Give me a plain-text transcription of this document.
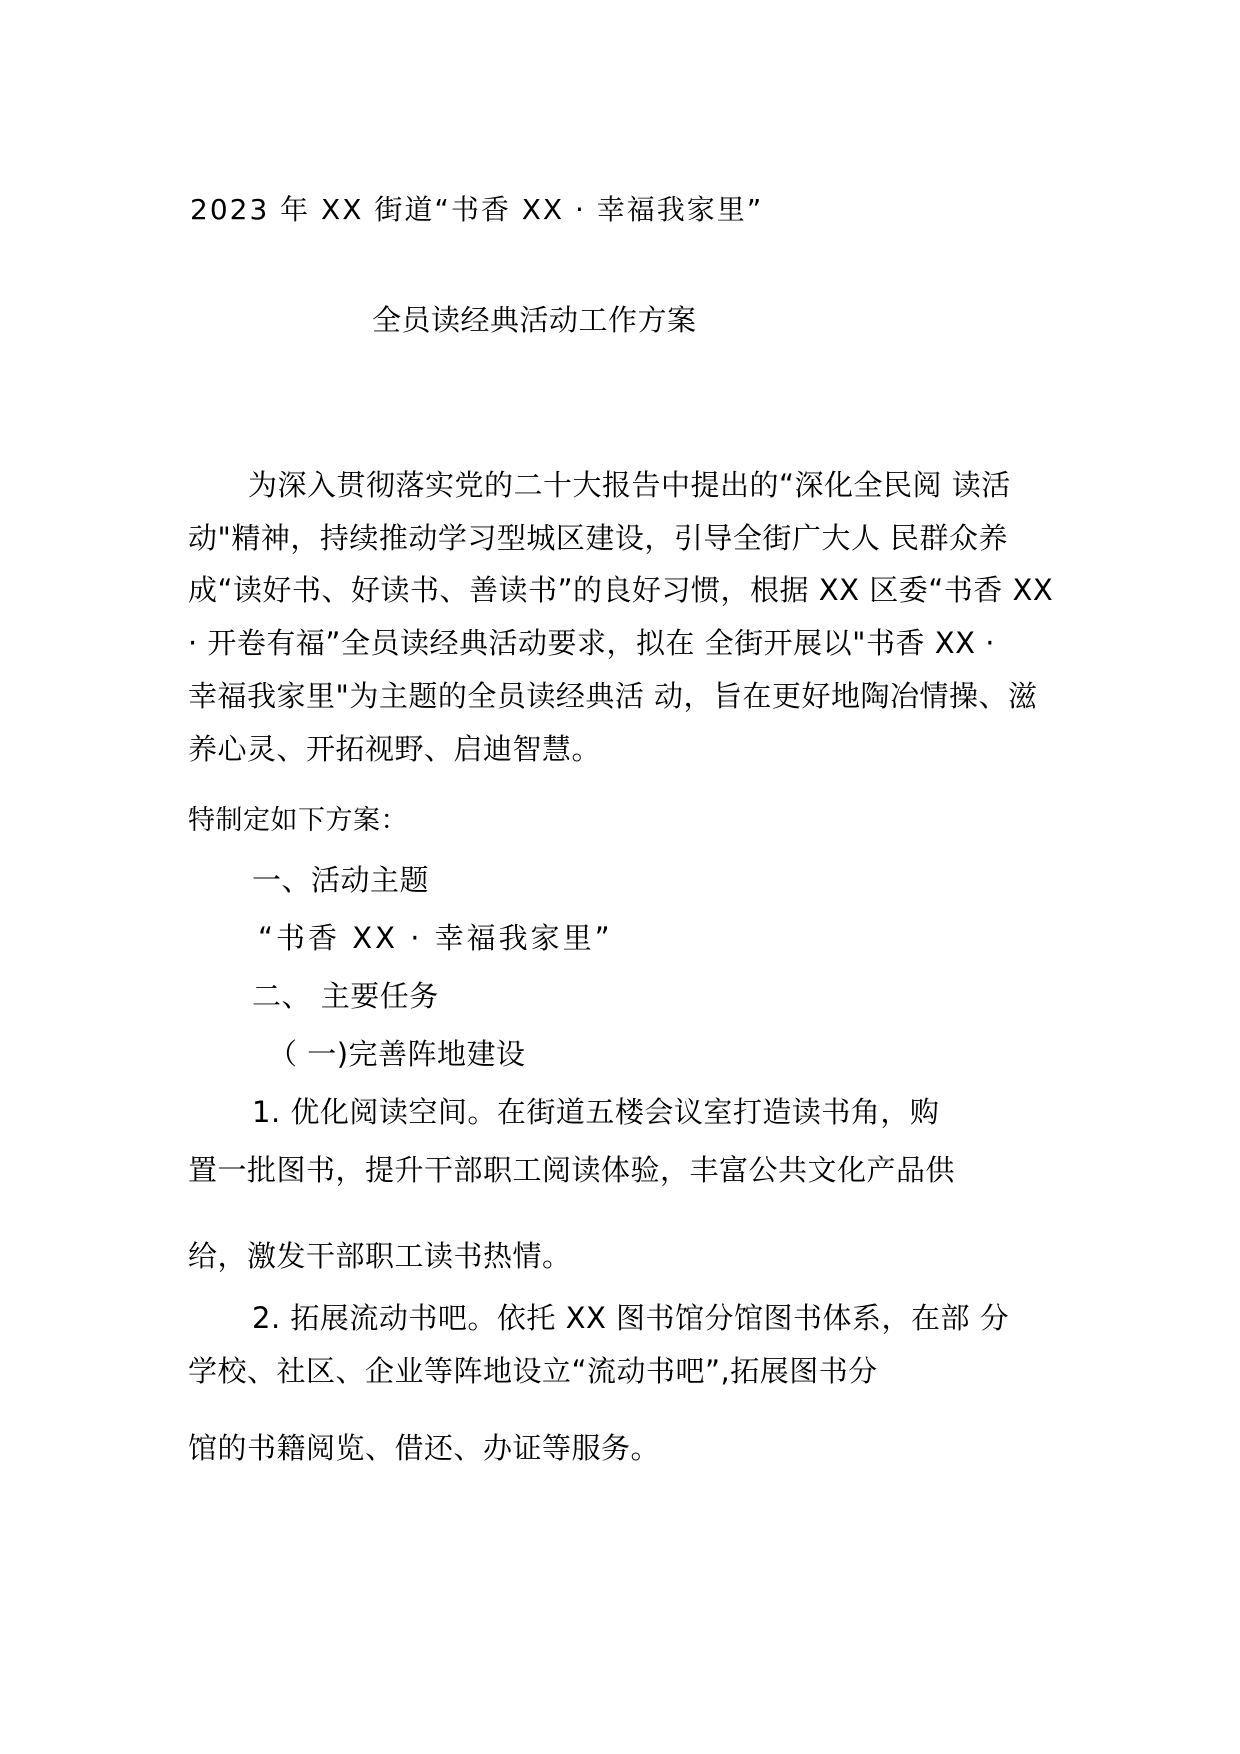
2023 年 XX 街道“书香 XX · 幸福我家里”
全员读经典活动工作方案
为深入贯彻落实党的二十大报告中提出的“深化全民阅 读活
动"精神，持续推动学习型城区建设，引导全街广大人 民群众养
成“读好书、好读书、善读书”的良好习惯，根据 XX 区委“书香 XX
· 开卷有福”全员读经典活动要求，拟在 全街开展以"书香 XX ·
幸福我家里"为主题的全员读经典活 动，旨在更好地陶冶情操、滋
养心灵、开拓视野、启迪智慧。
特制定如下方案：
一、活动主题
“书香 XX · 幸福我家里”
二、 主要任务
（ 一)完善阵地建设
1. 优化阅读空间。在街道五楼会议室打造读书角，购
置一批图书，提升干部职工阅读体验，丰富公共文化产品供
给，激发干部职工读书热情。
2. 拓展流动书吧。依托 XX 图书馆分馆图书体系，在部 分
学校、社区、企业等阵地设立“流动书吧”,拓展图书分
馆的书籍阅览、借还、办证等服务。
